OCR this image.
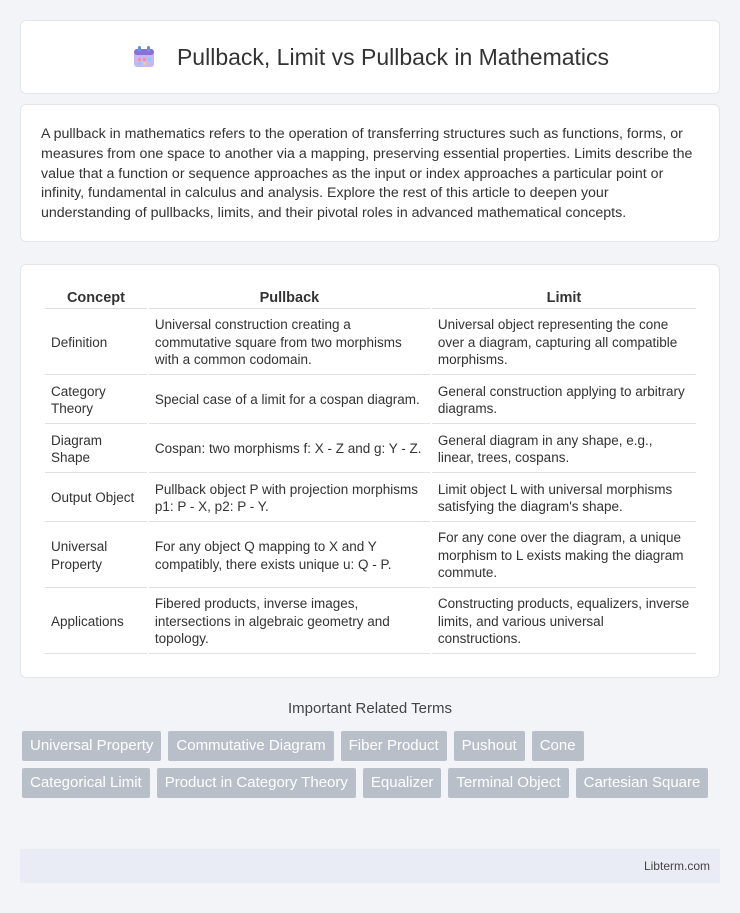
Pullback, Limit vs Pullback in Mathematics

A pullback in mathematics refers to the operation of transferring structures such as functions, forms, or measures from one space to another via a mapping, preserving essential properties. Limits describe the value that a function or sequence approaches as the input or index approaches a particular point or infinity, fundamental in calculus and analysis. Explore the rest of this article to deepen your understanding of pullbacks, limits, and their pivotal roles in advanced mathematical concepts.

Concept	Pullback	Limit
Definition	Universal construction creating a commutative square from two morphisms with a common codomain.	Universal object representing the cone over a diagram, capturing all compatible morphisms.
Category Theory	Special case of a limit for a cospan diagram.	General construction applying to arbitrary diagrams.
Diagram Shape	Cospan: two morphisms f: X - Z and g: Y - Z.	General diagram in any shape, e.g., linear, trees, cospans.
Output Object	Pullback object P with projection morphisms p1: P - X, p2: P - Y.	Limit object L with universal morphisms satisfying the diagram's shape.
Universal Property	For any object Q mapping to X and Y compatibly, there exists unique u: Q - P.	For any cone over the diagram, a unique morphism to L exists making the diagram commute.
Applications	Fibered products, inverse images, intersections in algebraic geometry and topology.	Constructing products, equalizers, inverse limits, and various universal constructions.
Important Related Terms
Universal Property	Commutative Diagram	Fiber Product	Pushout	Cone
Categorical Limit	Product in Category Theory	Equalizer	Terminal Object	Cartesian Square
Libterm.com
